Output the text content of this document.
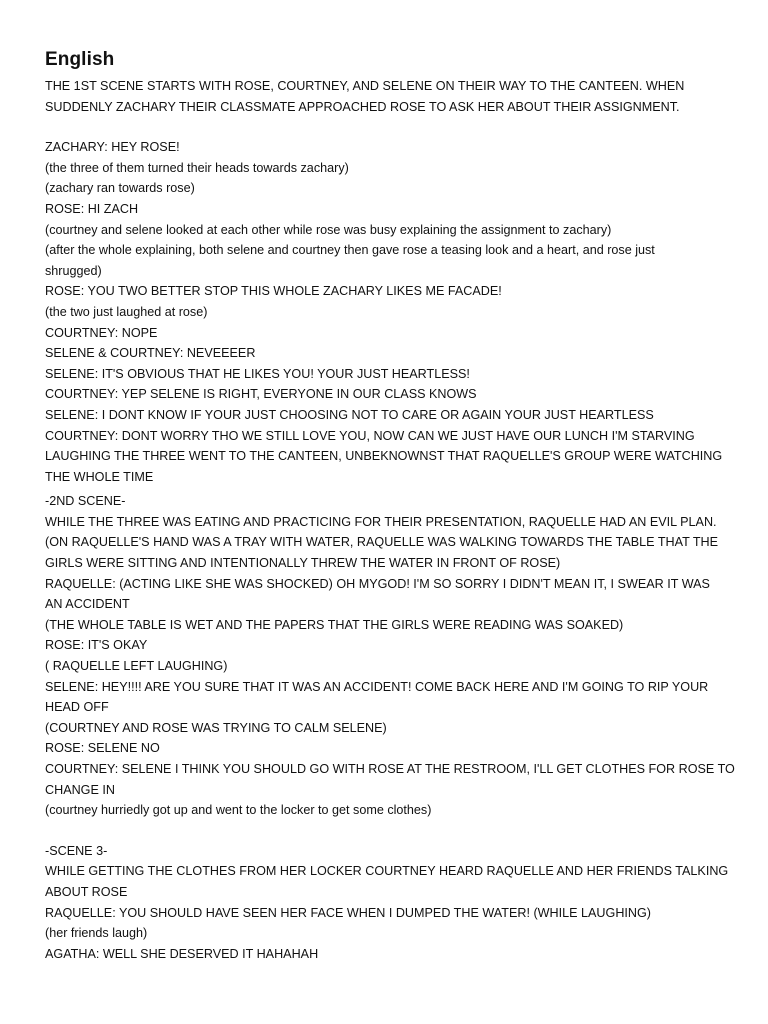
English
THE 1ST SCENE STARTS WITH ROSE, COURTNEY, AND SELENE ON THEIR WAY TO THE CANTEEN. WHEN
SUDDENLY ZACHARY THEIR CLASSMATE APPROACHED ROSE TO ASK HER ABOUT THEIR ASSIGNMENT.
ZACHARY: HEY ROSE!
(the three of them turned their heads towards zachary)
(zachary ran towards rose)
ROSE: HI ZACH
(courtney and selene looked at each other while rose was busy explaining the assignment to zachary)
(after the whole explaining, both selene and courtney then gave rose a teasing look and a heart, and rose just
shrugged)
ROSE: YOU TWO BETTER STOP THIS WHOLE ZACHARY LIKES ME FACADE!
(the two just laughed at rose)
COURTNEY: NOPE
SELENE & COURTNEY: NEVEEEER
SELENE: IT'S OBVIOUS THAT HE LIKES YOU! YOUR JUST HEARTLESS!
COURTNEY: YEP SELENE IS RIGHT, EVERYONE IN OUR CLASS KNOWS
SELENE: I DONT KNOW IF YOUR JUST CHOOSING NOT TO CARE OR AGAIN YOUR JUST HEARTLESS
COURTNEY: DONT WORRY THO WE STILL LOVE YOU, NOW CAN WE JUST HAVE OUR LUNCH I'M STARVING
LAUGHING THE THREE WENT TO THE CANTEEN, UNBEKNOWNST THAT RAQUELLE'S GROUP WERE WATCHING
THE WHOLE TIME
-2ND SCENE-
WHILE THE THREE WAS EATING AND PRACTICING FOR THEIR PRESENTATION, RAQUELLE HAD AN EVIL PLAN.
(ON RAQUELLE'S HAND WAS A TRAY WITH WATER, RAQUELLE WAS WALKING TOWARDS THE TABLE THAT THE
GIRLS WERE SITTING AND INTENTIONALLY THREW THE WATER IN FRONT OF ROSE)
RAQUELLE: (ACTING LIKE SHE WAS SHOCKED) OH MYGOD! I'M SO SORRY I DIDN'T MEAN IT, I SWEAR IT WAS
AN ACCIDENT
(THE WHOLE TABLE IS WET AND THE PAPERS THAT THE GIRLS WERE READING WAS SOAKED)
ROSE: IT'S OKAY
( RAQUELLE LEFT LAUGHING)
SELENE: HEY!!!! ARE YOU SURE THAT IT WAS AN ACCIDENT! COME BACK HERE AND I'M GOING TO RIP YOUR
HEAD OFF
(COURTNEY AND ROSE WAS TRYING TO CALM SELENE)
ROSE: SELENE NO
COURTNEY: SELENE I THINK YOU SHOULD GO WITH ROSE AT THE RESTROOM, I'LL GET CLOTHES FOR ROSE TO
CHANGE IN
(courtney hurriedly got up and went to the locker to get some clothes)
-SCENE 3-
WHILE GETTING THE CLOTHES FROM HER LOCKER COURTNEY HEARD RAQUELLE AND HER FRIENDS TALKING
ABOUT ROSE
RAQUELLE: YOU SHOULD HAVE SEEN HER FACE WHEN I DUMPED THE WATER! (WHILE LAUGHING)
(her friends laugh)
AGATHA: WELL SHE DESERVED IT HAHAHAH
